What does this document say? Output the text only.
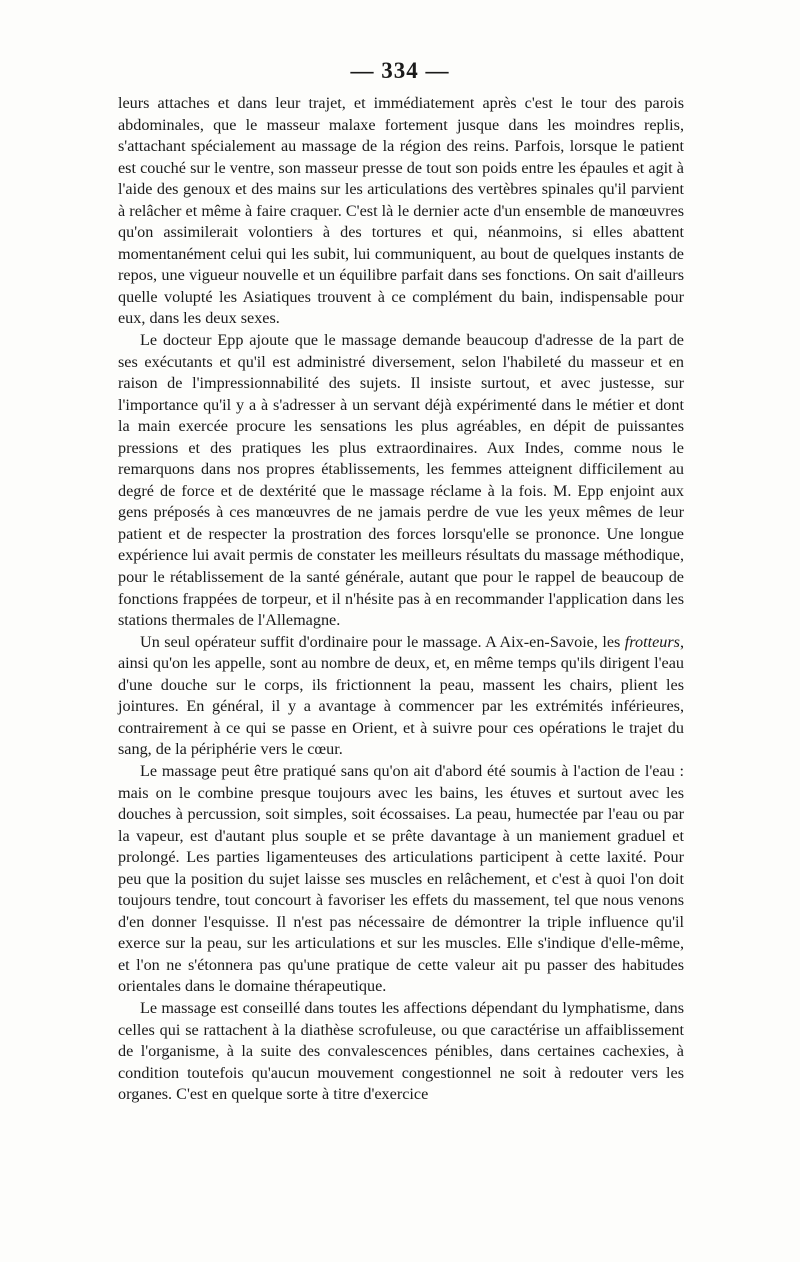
— 334 —

leurs attaches et dans leur trajet, et immédiatement après c'est le tour des parois abdominales, que le masseur malaxe fortement jusque dans les moindres replis, s'attachant spécialement au massage de la région des reins. Parfois, lorsque le patient est couché sur le ventre, son masseur presse de tout son poids entre les épaules et agit à l'aide des genoux et des mains sur les articulations des vertèbres spinales qu'il parvient à relâcher et même à faire craquer. C'est là le dernier acte d'un ensemble de manœuvres qu'on assimilerait volontiers à des tortures et qui, néanmoins, si elles abattent momentanément celui qui les subit, lui communiquent, au bout de quelques instants de repos, une vigueur nouvelle et un équilibre parfait dans ses fonctions. On sait d'ailleurs quelle volupté les Asiatiques trouvent à ce complément du bain, indispensable pour eux, dans les deux sexes.

Le docteur Epp ajoute que le massage demande beaucoup d'adresse de la part de ses exécutants et qu'il est administré diversement, selon l'habileté du masseur et en raison de l'impressionnabilité des sujets. Il insiste surtout, et avec justesse, sur l'importance qu'il y a à s'adresser à un servant déjà expérimenté dans le métier et dont la main exercée procure les sensations les plus agréables, en dépit de puissantes pressions et des pratiques les plus extraordinaires. Aux Indes, comme nous le remarquons dans nos propres établissements, les femmes atteignent difficilement au degré de force et de dextérité que le massage réclame à la fois. M. Epp enjoint aux gens préposés à ces manœuvres de ne jamais perdre de vue les yeux mêmes de leur patient et de respecter la prostration des forces lorsqu'elle se prononce. Une longue expérience lui avait permis de constater les meilleurs résultats du massage méthodique, pour le rétablissement de la santé générale, autant que pour le rappel de beaucoup de fonctions frappées de torpeur, et il n'hésite pas à en recommander l'application dans les stations thermales de l'Allemagne.

Un seul opérateur suffit d'ordinaire pour le massage. A Aix-en-Savoie, les frotteurs, ainsi qu'on les appelle, sont au nombre de deux, et, en même temps qu'ils dirigent l'eau d'une douche sur le corps, ils frictionnent la peau, massent les chairs, plient les jointures. En général, il y a avantage à commencer par les extrémités inférieures, contrairement à ce qui se passe en Orient, et à suivre pour ces opérations le trajet du sang, de la périphérie vers le cœur.

Le massage peut être pratiqué sans qu'on ait d'abord été soumis à l'action de l'eau : mais on le combine presque toujours avec les bains, les étuves et surtout avec les douches à percussion, soit simples, soit écossaises. La peau, humectée par l'eau ou par la vapeur, est d'autant plus souple et se prête davantage à un maniement graduel et prolongé. Les parties ligamenteuses des articulations participent à cette laxité. Pour peu que la position du sujet laisse ses muscles en relâchement, et c'est à quoi l'on doit toujours tendre, tout concourt à favoriser les effets du massement, tel que nous venons d'en donner l'esquisse. Il n'est pas nécessaire de démontrer la triple influence qu'il exerce sur la peau, sur les articulations et sur les muscles. Elle s'indique d'elle-même, et l'on ne s'étonnera pas qu'une pratique de cette valeur ait pu passer des habitudes orientales dans le domaine thérapeutique.

Le massage est conseillé dans toutes les affections dépendant du lymphatisme, dans celles qui se rattachent à la diathèse scrofuleuse, ou que caractérise un affaiblissement de l'organisme, à la suite des convalescences pénibles, dans certaines cachexies, à condition toutefois qu'aucun mouvement congestionnel ne soit à redouter vers les organes. C'est en quelque sorte à titre d'exercice
